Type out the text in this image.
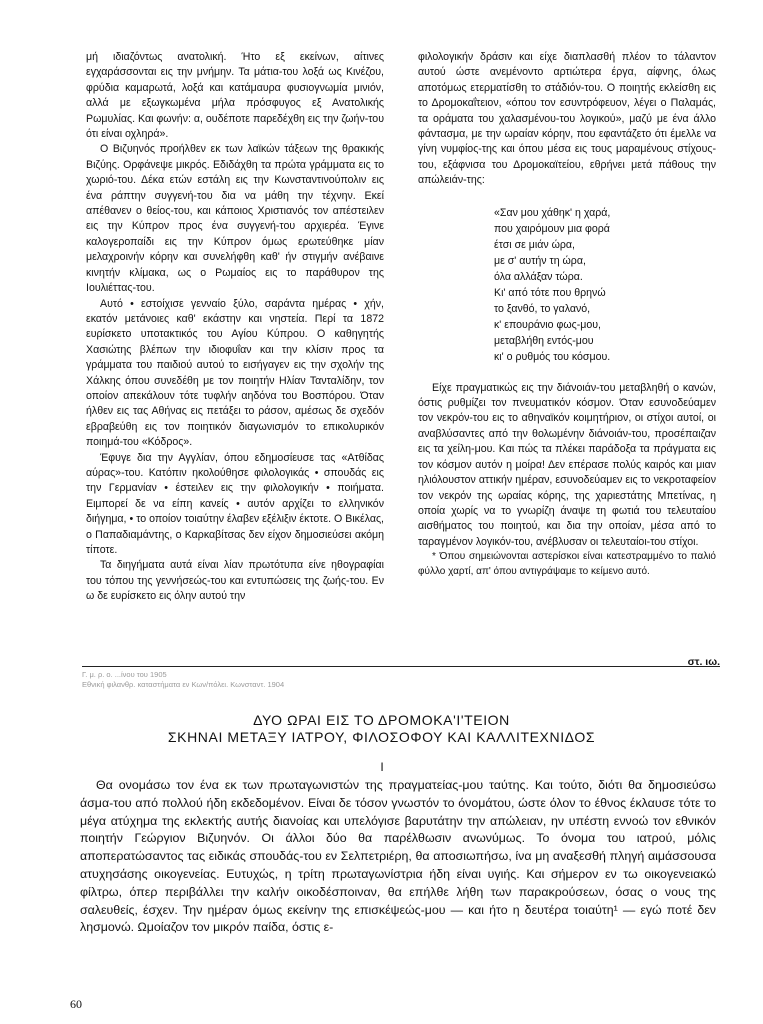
μή ιδιαζόντως ανατολική. Ήτο εξ εκείνων, αίτινες εγχαράσσονται εις την μνήμην. Τα μάτια-του λοξά ως Κινέζου, φρύδια καμαρωτά, λοξά και κατάμαυρα φυσιογνωμία μινιόν, αλλά με εξωγκωμένα μήλα πρόσφυγος εξ Ανατολικής Ρωμυλίας. Και φωνήν: α, ουδέποτε παρεδέχθη εις την ζωήν-του ότι είναι οχληρά».

Ο Βιζυηνός προήλθεν εκ των λαϊκών τάξεων της θρακικής Βιζύης. Ορφάνεψε μικρός. Εδιδάχθη τα πρώτα γράμματα εις το χωριό-του. Δέκα ετών εστάλη εις την Κωνσταντινούπολιν εις ένα ράπτην συγγενή-του δια να μάθη την τέχνην. Εκεί απέθανεν ο θείος-του, και κάποιος Χριστιανός τον απέστειλεν εις την Κύπρον προς ένα συγγενή-του αρχιερέα. Έγινε καλογεροπαίδι εις την Κύπρον όμως ερωτεύθηκε μίαν μελαχροινήν κόρην και συνελήφθη καθ' ήν στιγμήν ανέβαινε κινητήν κλίμακα, ως ο Ρωμαίος εις το παράθυρον της Ιουλιέττας-του.

Αυτό • εστοίχισε γενναίο ξύλο, σαράντα ημέρας • χήν, εκατόν μετάνοιες καθ' εκάστην και νηστεία. Περί τα 1872 ευρίσκετο υποτακτικός του Αγίου Κύπρου. Ο καθηγητής Χασιώτης βλέπων την ιδιοφυΐαν και την κλίσιν προς τα γράμματα του παιδιού αυτού το εισήγαγεν εις την σχολήν της Χάλκης όπου συνεδέθη με τον ποιητήν Ηλίαν Τανταλίδην, τον οποίον απεκάλουν τότε τυφλήν αηδόνα του Βοσπόρου. Όταν ήλθεν εις τας Αθήνας εις πετάξει το ράσον, αμέσως δε σχεδόν εβραβεύθη εις τον ποιητικόν διαγωνισμόν το επικολυρικόν ποιημά-του «Κόδρος».

Έφυγε δια την Αγγλίαν, όπου εδημοσίευσε τας «Ατθίδας αύρας»-του. Κατόπιν ηκολούθησε φιλολογικάς • σπουδάς εις την Γερμανίαν • έστειλεν εις την φιλολογικήν • ποιήματα. Ειμπορεί δε να είπη κανείς • αυτόν αρχίζει το ελληνικόν διήγημα, • το οποίον τοιαύτην έλαβεν εξέλιξιν έκτοτε. Ο Βικέλας, ο Παπαδιαμάντης, ο Καρκαβίτσας δεν είχον δημοσιεύσει ακόμη τίποτε.

Τα διηγήματα αυτά είναι λίαν πρωτότυπα είνε ηθογραφίαι του τόπου της γεννήσεώς-του και εντυπώσεις της ζωής-του. Εν ω δε ευρίσκετο εις όλην αυτού την

φιλολογικήν δράσιν και είχε διαπλασθή πλέον το τάλαντον αυτού ώστε ανεμένοντο αρτιώτερα έργα, αίφνης, όλως αποτόμως ετερματίσθη το στάδιόν-του. Ο ποιητής εκλείσθη εις το Δρομοκαΐτειον, «όπου τον εσυντρόφευον, λέγει ο Παλαμάς, τα οράματα του χαλασμένου-του λογικού», μαζύ με ένα άλλο φάντασμα, με την ωραίαν κόρην, που εφαντάζετο ότι έμελλε να γίνη νυμφίος-της και όπου μέσα εις τους μαραμένους στίχους-του, εξάφνισα του Δρομοκαϊτείου, εθρήνει μετά πάθους την απώλειάν-της:

«Σαν μου χάθηκ' η χαρά,
που χαιρόμουν μια φορά
έτσι σε μιάν ώρα,
με σ' αυτήν τη ώρα,
όλα αλλάξαν τώρα.
Κι' από τότε που θρηνώ
το ξανθό, το γαλανό,
κ' επουράνιο φως-μου,
μεταβλήθη εντός-μου
κι' ο ρυθμός του κόσμου.

Είχε πραγματικώς εις την διάνοιάν-του μεταβληθή ο κανών, όστις ρυθμίζει τον πνευματικόν κόσμον. Όταν εσυνοδεύαμεν τον νεκρόν-του εις το αθηναϊκόν κοιμητήριον, οι στίχοι αυτοί, οι αναβλύσαντες από την θολωμένην διάνοιάν-του, προσέπαιζαν εις τα χείλη-μου. Και πώς τα πλέκει παράδοξα τα πράγματα εις τον κόσμον αυτόν η μοίρα! Δεν επέρασε πολύς καιρός και μιαν ηλιόλουστον αττικήν ημέραν, εσυνοδεύαμεν εις το νεκροταφείον τον νεκρόν της ωραίας κόρης, της χαριεστάτης Μπετίνας, η οποία χωρίς να το γνωρίζη άναψε τη φωτιά του τελευταίου αισθήματος του ποιητού, και δια την οποίαν, μέσα από το ταραγμένον λογικόν-του, ανέβλυσαν οι τελευταίοι-του στίχοι.

* Όπου σημειώνονται αστερίσκοι είναι κατεστραμμένο το παλιό φύλλο χαρτί, απ' όπου αντιγράψαμε το κείμενο αυτό.

στ. ιω.
Γ. μ. ρ. ο. ...ίνου του 1905
Εθνική φιλανθρ. καταστήματα εν Κων/πόλει. Κωνσταντ. 1904
ΔΥΟ ΩΡΑΙ ΕΙΣ ΤΟ ΔΡΟΜΟΚΑ'Ι'ΤΕΙΟΝ
ΣΚΗΝΑΙ ΜΕΤΑΞΥ ΙΑΤΡΟΥ, ΦΙΛΟΣΟΦΟΥ ΚΑΙ ΚΑΛΛΙΤΕΧΝΙΔΟΣ
Ι

Θα ονομάσω τον ένα εκ των πρωταγωνιστών της πραγματείας-μου ταύτης. Και τούτο, διότι θα δημοσιεύσω άσμα-του από πολλού ήδη εκδεδομένον. Είναι δε τόσον γνωστόν το όνομάτου, ώστε όλον το έθνος έκλαυσε τότε το μέγα ατύχημα της εκλεκτής αυτής διανοίας και υπελόγισε βαρυτάτην την απώλειαν, ην υπέστη εννοώ τον εθνικόν ποιητήν Γεώργιον Βιζυηνόν. Οι άλλοι δύο θα παρέλθωσιν ανωνύμως. Το όνομα του ιατρού, μόλις αποπερατώσαντος τας ειδικάς σπουδάς-του εν Σελπετριέρη, θα αποσιωπήσω, ίνα μη αναξεσθή πληγή αιμάσσουσα ατυχησάσης οικογενείας. Ευτυχώς, η τρίτη πρωταγωνίστρια ήδη είναι υγιής. Και σήμερον εν τω οικογενειακώ φίλτρω, όπερ περιβάλλει την καλήν οικοδέσποιναν, θα επήλθε λήθη των παρακρούσεων, όσας ο νους της σαλευθείς, έσχεν. Την ημέραν όμως εκείνην της επισκέψεώς-μου — και ήτο η δευτέρα τοιαύτη¹ — εγώ ποτέ δεν λησμονώ. Ωμοίαζον τον μικρόν παίδα, όστις ε-

60
